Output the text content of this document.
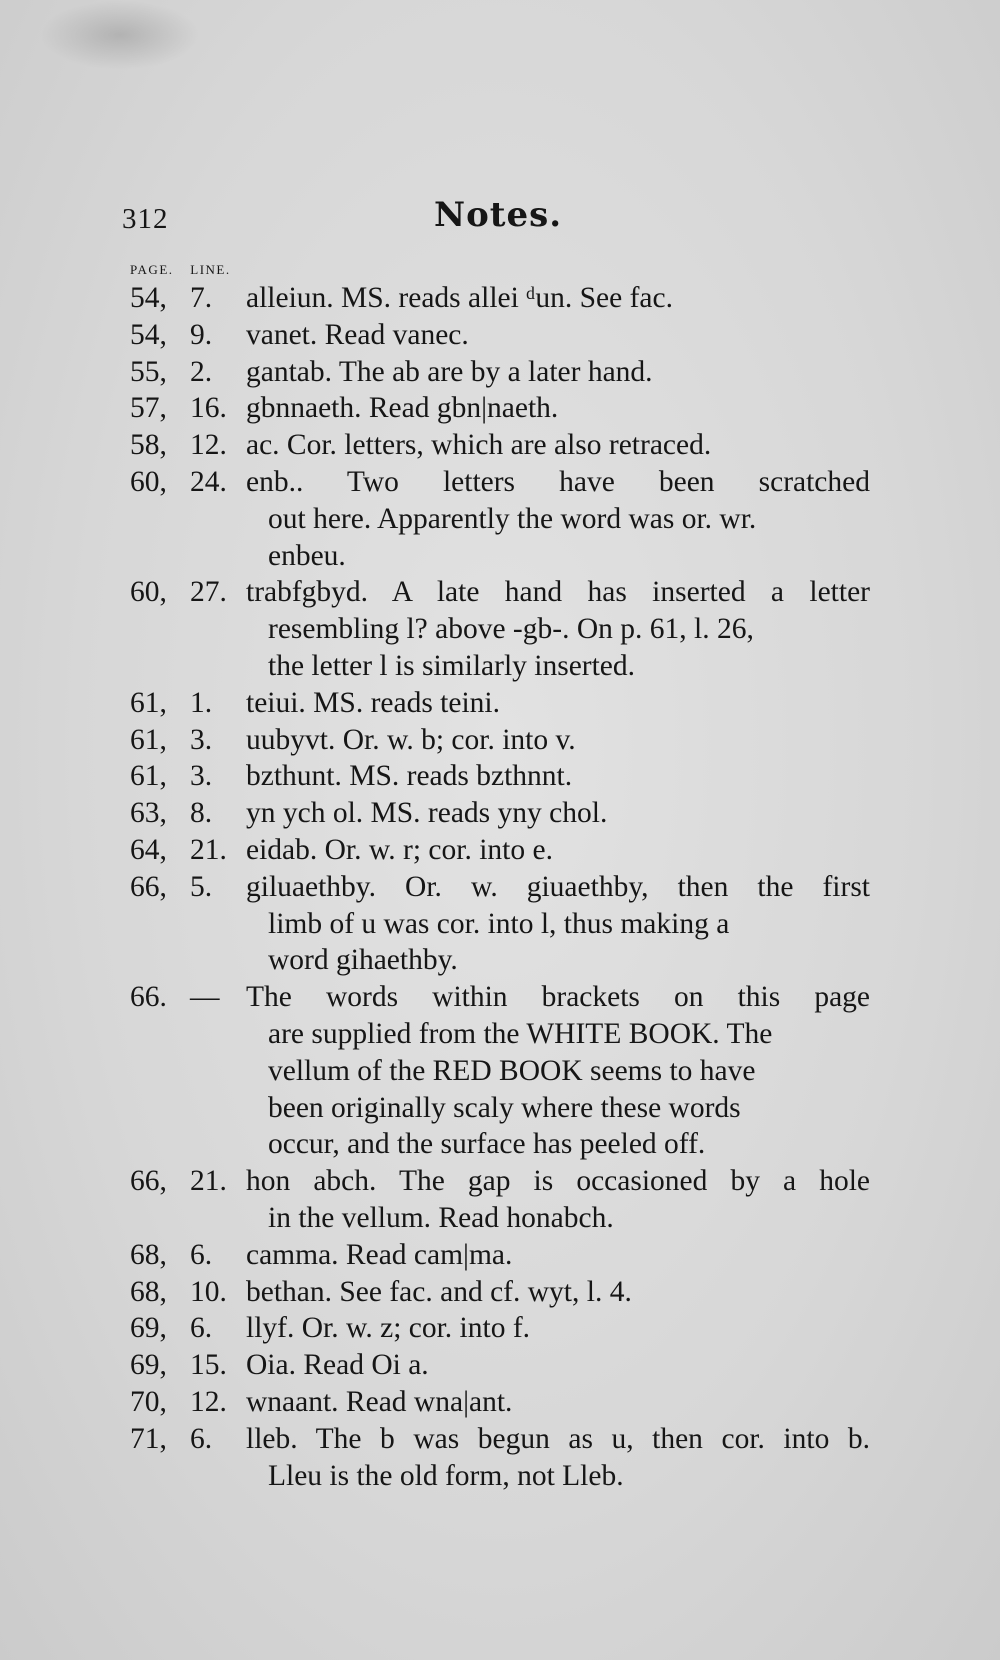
312	Notes.
PAGE. LINE.
54, 7.	alleiun. MS. reads allei ᵈun. See fac.
54, 9.	vanet. Read vanec.
55, 2.	gantab. The ab are by a later hand.
57, 16. gbnnaeth. Read gbn|naeth.
58, 12. ac. Cor. letters, which are also retraced.
60, 24. enb.. Two letters have been scratched
out here. Apparently the word was or. wr.
enbeu.
60, 27. trabfgbyd. A late hand has inserted a letter
resembling l? above -gb-. On p. 61, l. 26,
the letter l is similarly inserted.
61, 1.	teiui. MS. reads teini.
61, 3.	uubyvt. Or. w. b; cor. into v.
61, 3.	bzthunt. MS. reads bzthnnt.
63, 8.	yn ych ol. MS. reads yny chol.
64, 21. eidab. Or. w. r; cor. into e.
66, 5.	giluaethby. Or. w. giuaethby, then the first
limb of u was cor. into l, thus making a
word gihaethby.
66. — The words within brackets on this page
are supplied from the WHITE BOOK. The
vellum of the RED BOOK seems to have
been originally scaly where these words
occur, and the surface has peeled off.
66, 21. hon abch. The gap is occasioned by a hole
in the vellum. Read honabch.
68, 6.	camma. Read cam|ma.
68, 10. bethan. See fac. and cf. wyt, l. 4.
69, 6.	llyf. Or. w. z; cor. into f.
69, 15. Oia. Read Oi a.
70, 12. wnaant. Read wna|ant.
71, 6.	lleb. The b was begun as u, then cor. into b.
Lleu is the old form, not Lleb.
